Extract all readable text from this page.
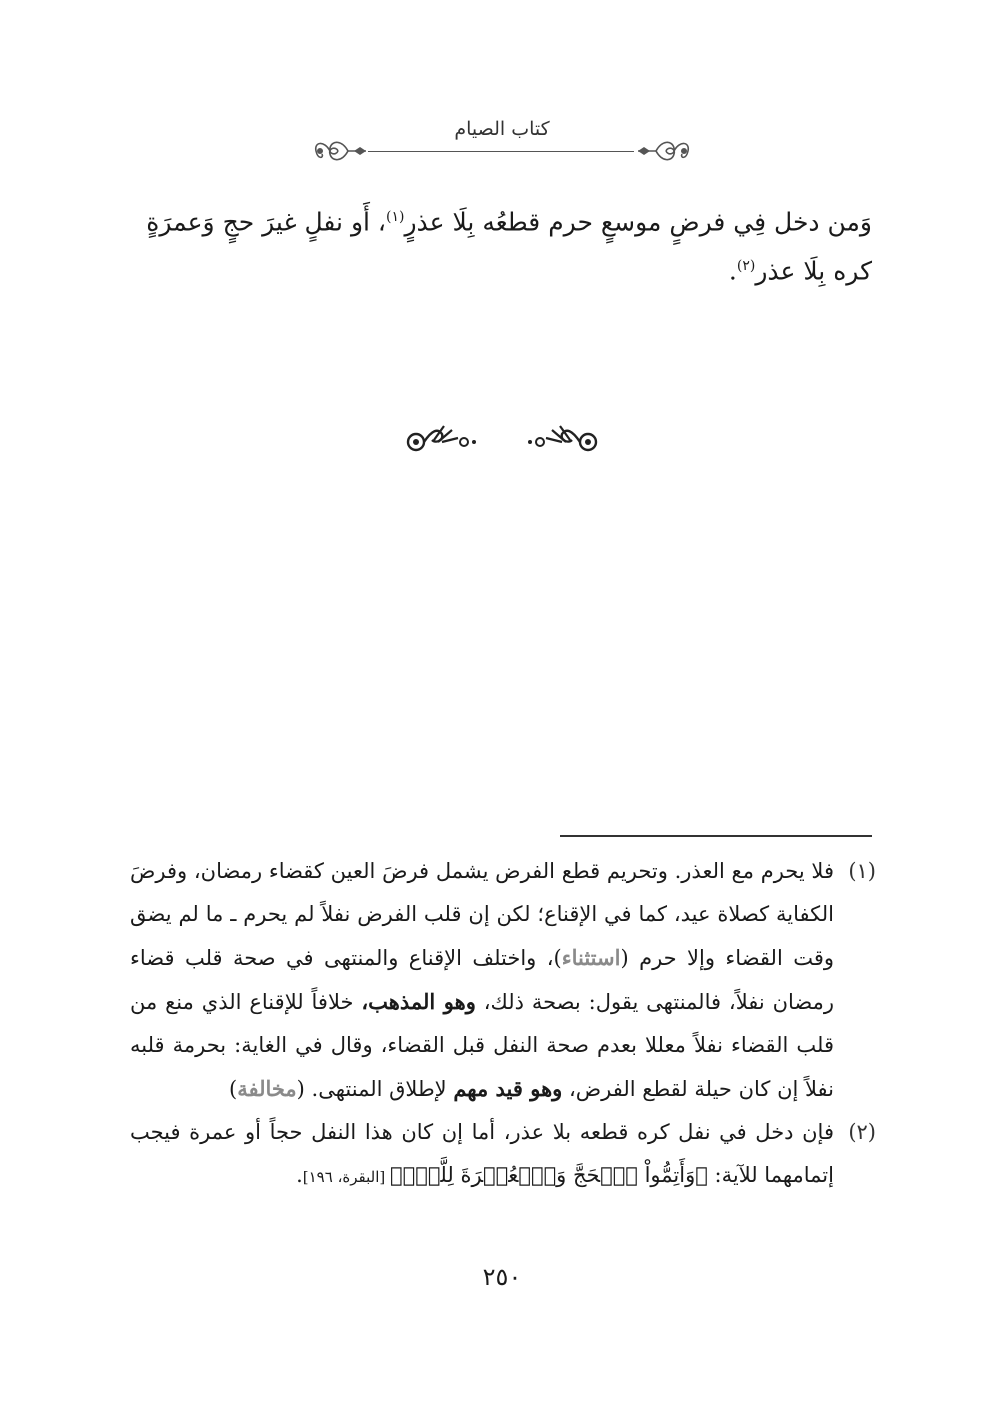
كتاب الصيام

وَمن دخل فِي فرضٍ موسعٍ حرم قطعُه بِلَا عذرٍ$^{(١)}$، أَو نفلٍ غيرَ حجٍ وَعمرَةٍ كره بِلَا عذر$^{(٢)}$.

(١)
فلا يحرم مع العذر. وتحريم قطع الفرض يشمل فرضَ العين كقضاء رمضان، وفرضَ الكفاية كصلاة عيد، كما في الإقناع؛ لكن إن قلب الفرض نفلاً لم يحرم ـ ما لم يضق وقت القضاء وإلا حرم (استثناء)، واختلف الإقناع والمنتهى في صحة قلب قضاء رمضان نفلاً، فالمنتهى يقول: بصحة ذلك، وهو المذهب، خلافاً للإقناع الذي منع من قلب القضاء نفلاً معللا بعدم صحة النفل قبل القضاء، وقال في الغاية: بحرمة قلبه نفلاً إن كان حيلة لقطع الفرض، وهو قيد مهم لإطلاق المنتهى. (مخالفة)
(٢)
فإن دخل في نفل كره قطعه بلا عذر، أما إن كان هذا النفل حجاً أو عمرة فيجب إتمامهما للآية: ﴿وَأَتِمُّواْ ٱلۡحَجَّ وَٱلۡعُمۡرَةَ لِلَّهِۚ﴾ [البقرة، ١٩٦].
٢٥٠
